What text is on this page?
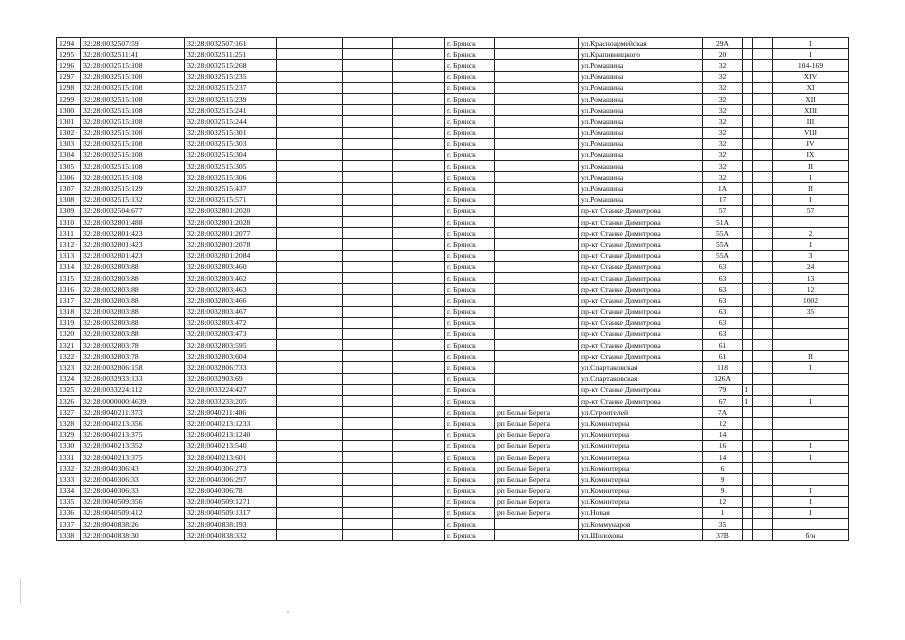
1294	32:28:0032507:59	32:28:0032507:161				г. Брянск		ул.Красноармейская	29А			I
1295	32:28:0032511:41	32:28:0032511:251				г. Брянск		ул.Крапивницкого	20			I
1296	32:28:0032515:108	32:28:0032515:268				г. Брянск		ул.Ромашина	32			104-169
1297	32:28:0032515:108	32:28:0032515:235				г. Брянск		ул.Ромашина	32			XIV
1298	32:28:0032515:108	32:28:0032515:237				г. Брянск		ул.Ромашина	32			XI
1299	32:28:0032515:108	32:28:0032515:239				г. Брянск		ул.Ромашина	32			XII
1300	32:28:0032515:108	32:28:0032515:241				г. Брянск		ул.Ромашина	32			XIII
1301	32:28:0032515:108	32:28:0032515:244				г. Брянск		ул.Ромашина	32			III
1302	32:28:0032515:108	32:28:0032515:301				г. Брянск		ул.Ромашина	32			VIII
1303	32:28:0032515:108	32:28:0032515:303				г. Брянск		ул.Ромашина	32			IV
1304	32:28:0032515:108	32:28:0032515:304				г. Брянск		ул.Ромашина	32			IX
1305	32:28:0032515:108	32:28:0032515:305				г. Брянск		ул.Ромашина	32			II
1306	32:28:0032515:108	32:28:0032515:306				г. Брянск		ул.Ромашина	32			I
1307	32:28:0032515:129	32:28:0032515:437				г. Брянск		ул.Ромашина	1А			II
1308	32:28:0032515:132	32:28:0032515:571				г. Брянск		ул.Ромашина	17			I
1309	32:28:0032504:677	32:28:0032801:2020				г. Брянск		пр-кт Станке Димитрова	57			57
1310	32:28:0032801:488	32:28:0032801:2028				г. Брянск		пр-кт Станке Димитрова	51А			
1311	32:28:0032801:423	32:28:0032801:2077				г. Брянск		пр-кт Станке Димитрова	55А			2
1312	32:28:0032801:423	32:28:0032801:2078				г. Брянск		пр-кт Станке Димитрова	55А			1
1313	32:28:0032801:423	32:28:0032801:2084				г. Брянск		пр-кт Станке Димитрова	55А			3
1314	32:28:0032803:88	32:28:0032803:460				г. Брянск		пр-кт Станке Димитрова	63			24
1315	32:28:0032803:88	32:28:0032803:462				г. Брянск		пр-кт Станке Димитрова	63			13
1316	32:28:0032803:88	32:28:0032803:463				г. Брянск		пр-кт Станке Димитрова	63			12
1317	32:28:0032803:88	32:28:0032803:466				г. Брянск		пр-кт Станке Димитрова	63			1002
1318	32:28:0032803:88	32:28:0032803:467				г. Брянск		пр-кт Станке Димитрова	63			35
1319	32:28:0032803:88	32:28:0032803:472				г. Брянск		пр-кт Станке Димитрова	63			
1320	32:28:0032803:88	32:28:0032803:473				г. Брянск		пр-кт Станке Димитрова	63			
1321	32:28:0032803:78	32:28:0032803:595				г. Брянск		пр-кт Станке Димитрова	61			
1322	32:28:0032803:78	32:28:0032803:604				г. Брянск		пр-кт Станке Димитрова	61			II
1323	32:28:0032806:158	32:28:0032806:733				г. Брянск		ул.Спартаковская	118			I
1324	32:28:0032933:133	32:28:0032903:69				г. Брянск		ул.Спартаковская	126А			
1325	32:28:0033224:112	32:28:0033224:427				г. Брянск		пр-кт Станке Димитрова	79	I		
1326	32:28:0000000:4639	32:28:0033233:205				г. Брянск		пр-кт Станке Димитрова	67	I		I
1327	32:28:0040211:373	32:28:0040211:486				г. Брянск	рп Белые Берега	ул.Строителей	7А			
1328	32:28:0040213:356	32:28:0040213:1233				г. Брянск	рп Белые Берега	ул.Коминтерна	12			
1329	32:28:0040213:375	32:28:0040213:1240				г. Брянск	рп Белые Берега	ул.Коминтерна	14			
1330	32:28:0040213:352	32:28:0040213:540				г. Брянск	рп Белые Берега	ул.Коминтерна	16			I
1331	32:28:0040213:375	32:28:0040213:601				г. Брянск	рп Белые Берега	ул.Коминтерна	14			I
1332	32:28:0040306:43	32:28:0040306:273				г. Брянск	рп Белые Берега	ул.Коминтерна	6			
1333	32:28:0040306:33	32:28:0040306:297				г. Брянск	рп Белые Берега	ул.Коминтерна	9			
1334	32:28:0040306:33	32:28:0040306:78				г. Брянск	рп Белые Берега	ул.Коминтерна	9			I
1335	32:28:0040509:356	32:28:0040509:1271				г. Брянск	рп Белые Берега	ул.Коминтерна	12			I
1336	32:28:0040509:412	32:28:0040509:1317				г. Брянск	рп Белые Берега	ул.Новая	1			I
1337	32:28:0040838:26	32:28:0040838:193				г. Брянск		ул.Коммунаров	35			
1338	32:28:0040838:30	32:28:0040838:332				г. Брянск		ул.Шолохова	37В			б/н
